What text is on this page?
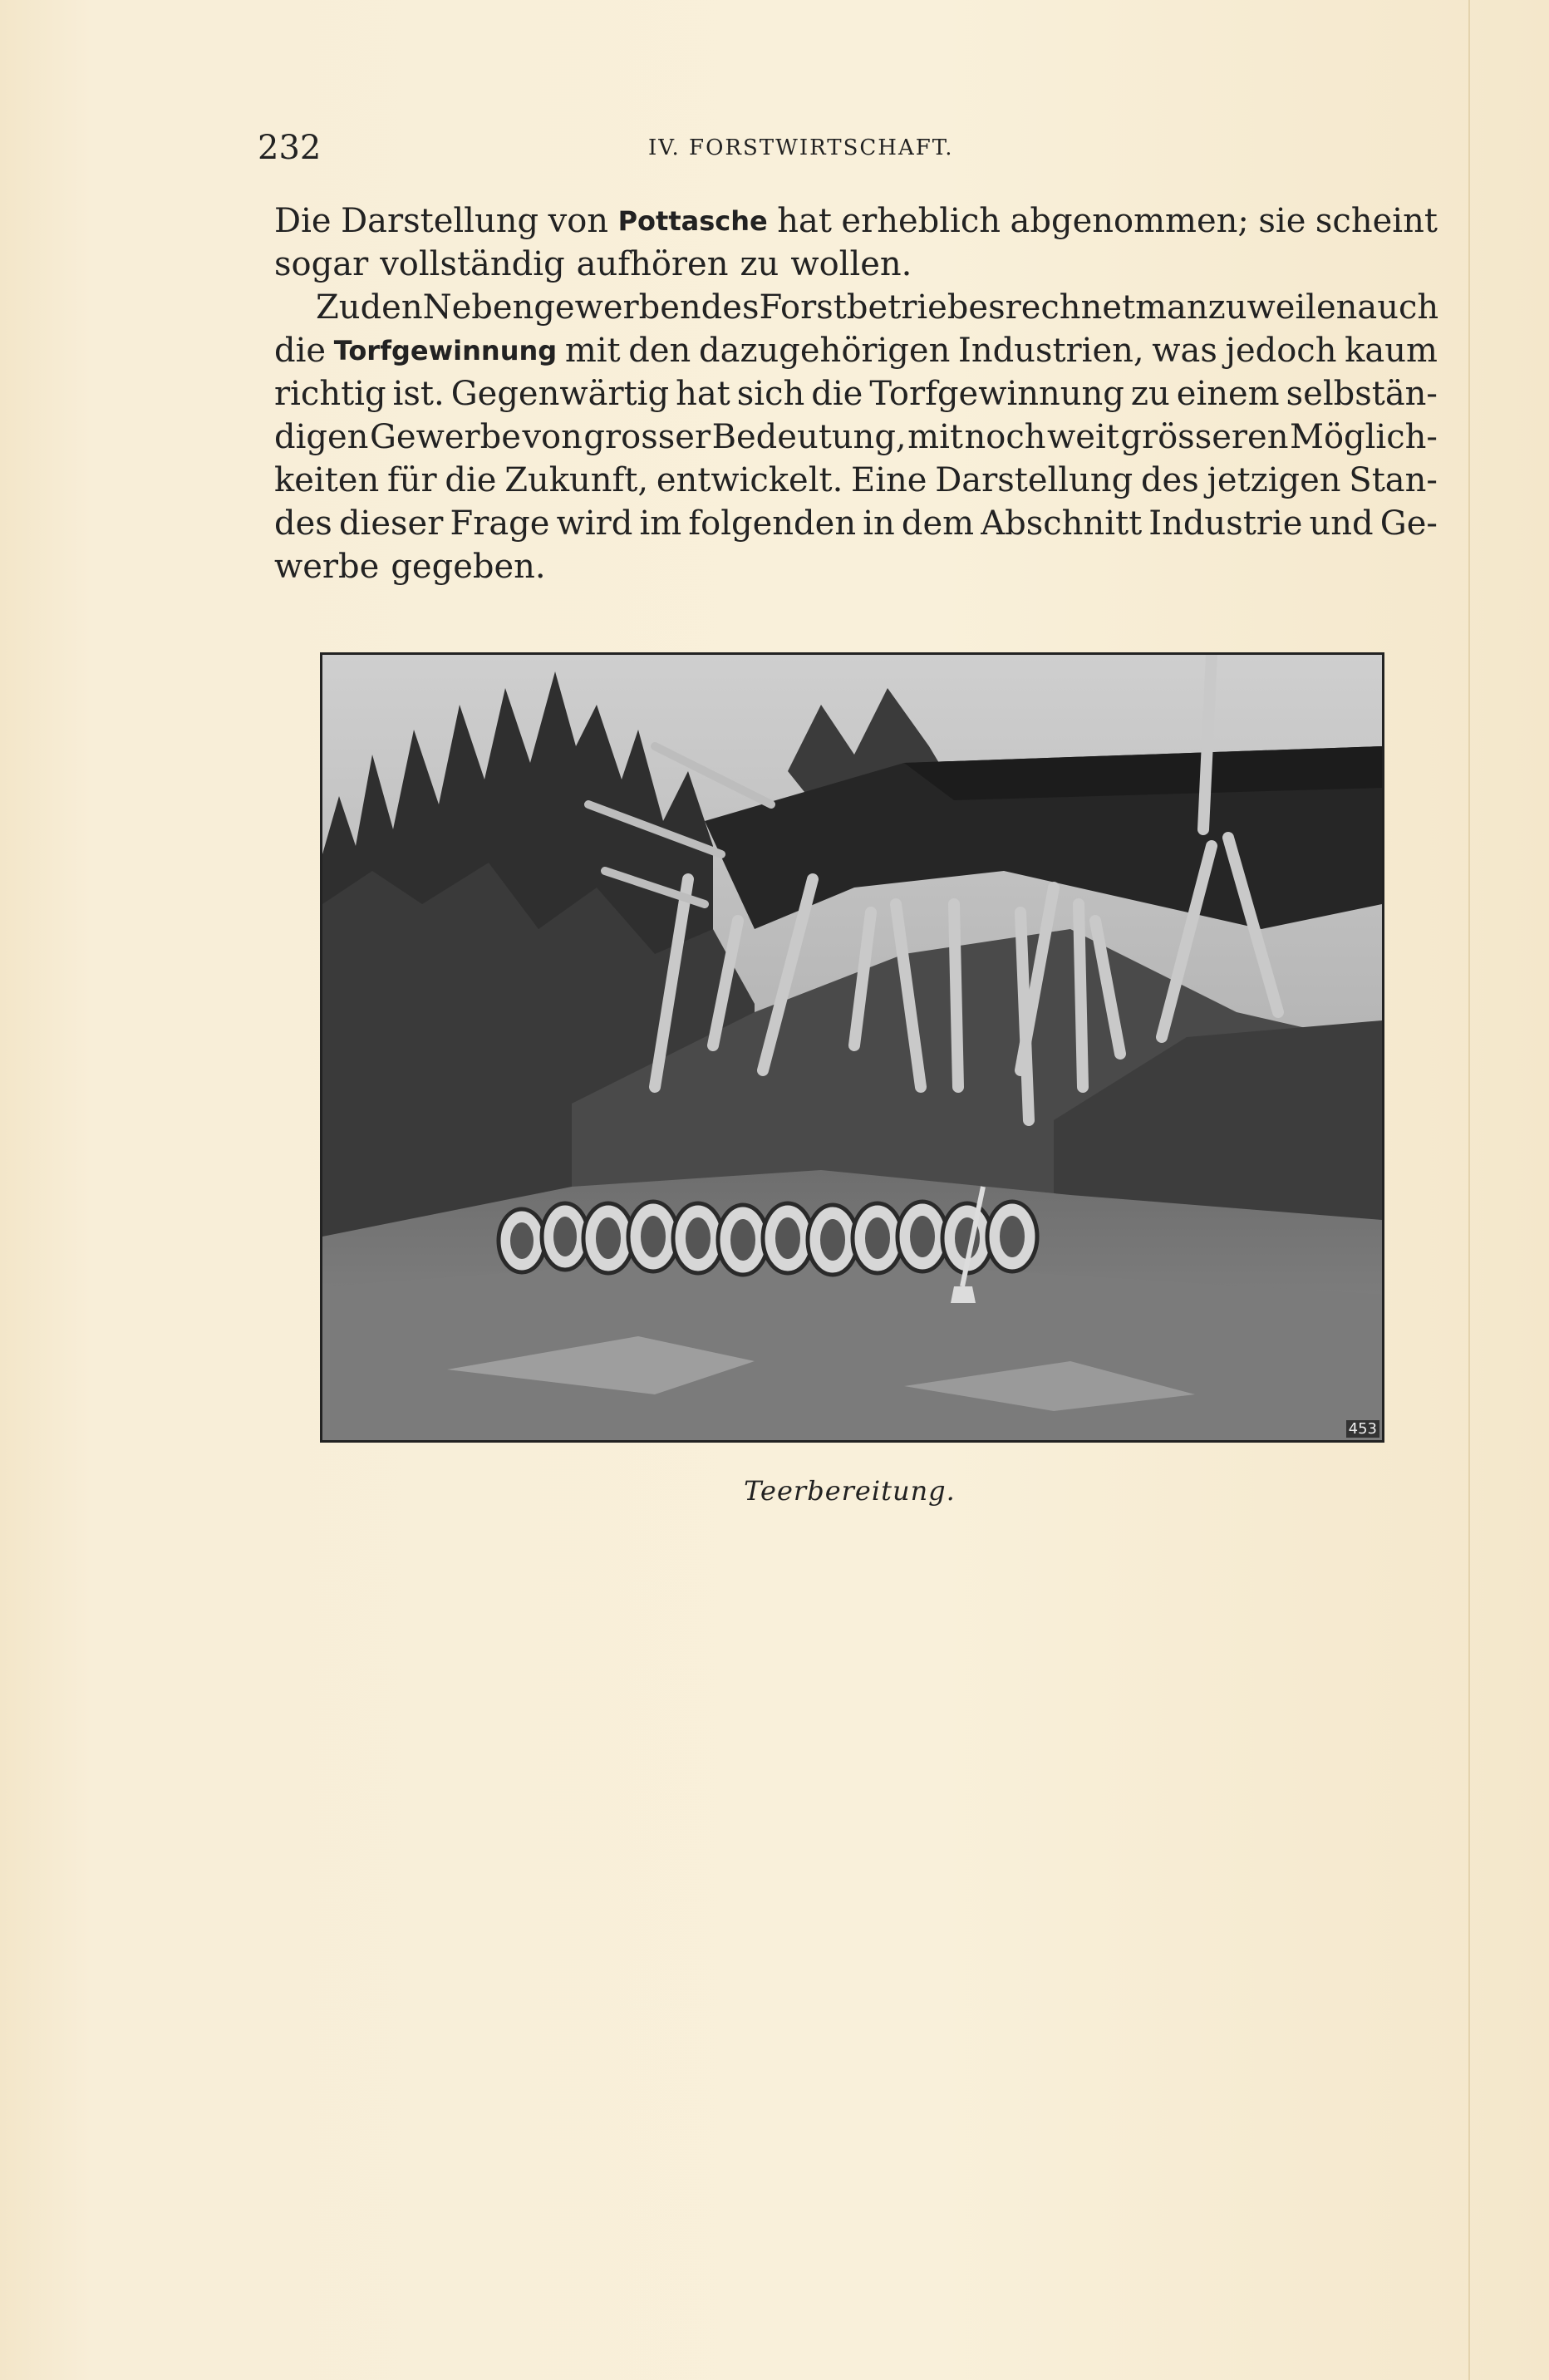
232	IV. FORSTWIRTSCHAFT.
Die Darstellung von Pottasche hat erheblich abgenommen; sie scheint
sogar vollständig aufhören zu wollen.
Zu den Nebengewerben des Forstbetriebes rechnet man zuweilen auch
die Torfgewinnung mit den dazugehörigen Industrien, was jedoch kaum
richtig ist. Gegenwärtig hat sich die Torfgewinnung zu einem selbstän-
digen Gewerbe von grosser Bedeutung, mit noch weit grösseren Möglich-
keiten für die Zukunft, entwickelt. Eine Darstellung des jetzigen Stan-
des dieser Frage wird im folgenden in dem Abschnitt Industrie und Ge-
werbe gegeben.
453
Teerbereitung.
